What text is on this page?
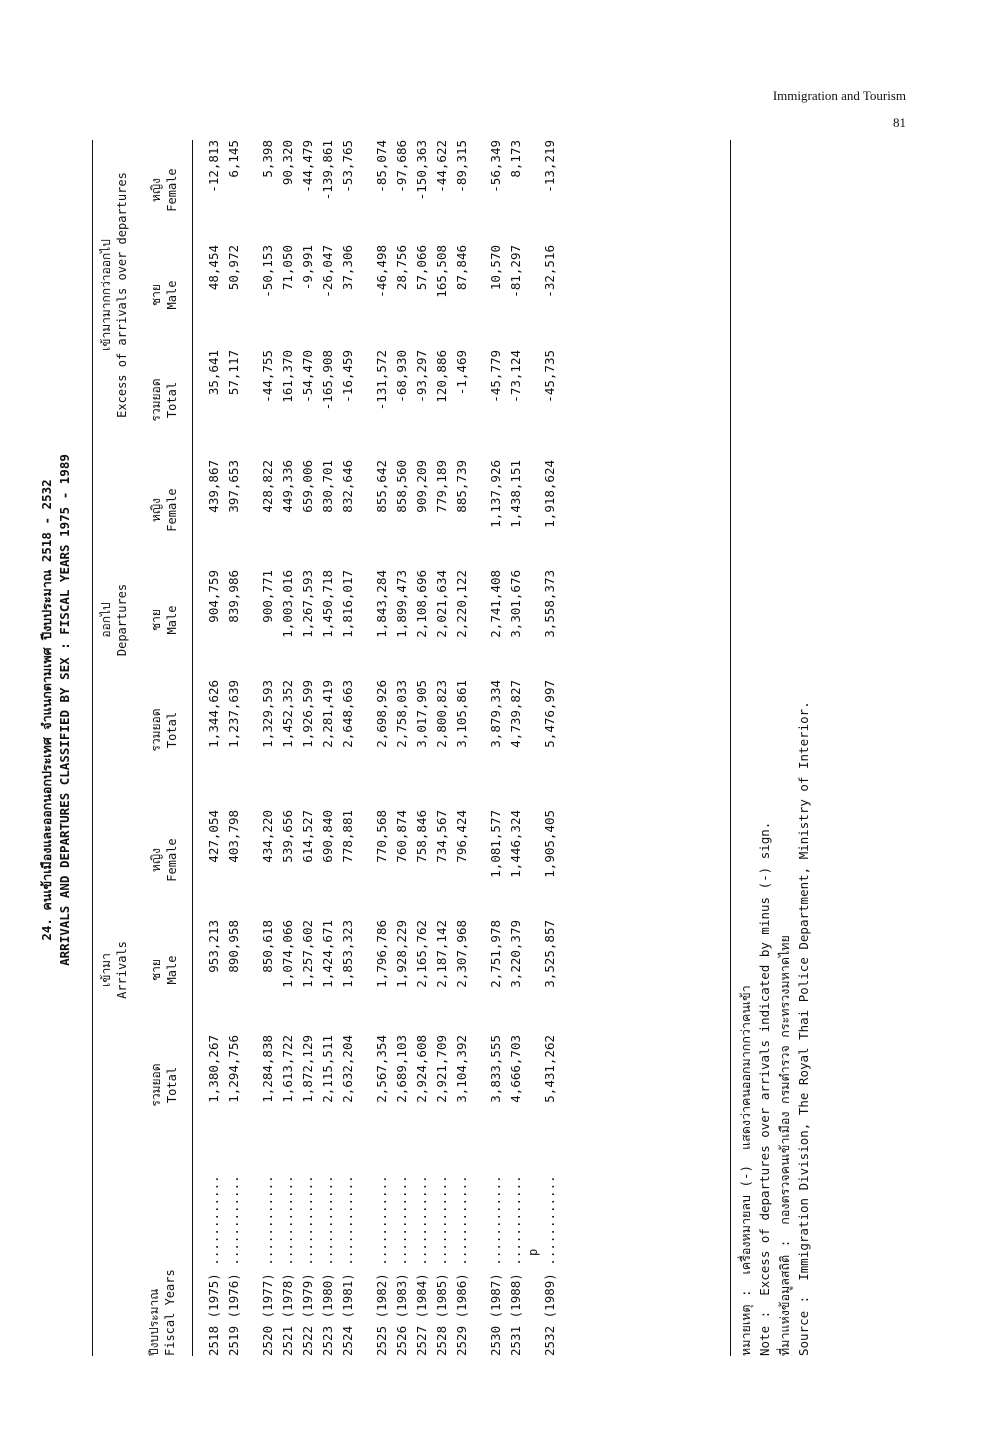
Immigration and Tourism
81
24. คนเข้าเมืองและออกนอกประเทศ จำแนกตามเพศ ปีงบประมาณ 2518 - 2532 ARRIVALS AND DEPARTURES CLASSIFIED BY SEX : FISCAL YEARS 1975 - 1989
ปีงบประมาณ Fiscal Years
เข้ามา Arrivals
ออกไป Departures
เข้ามามากกว่าออกไป Excess of arrivals over departures
รวมยอด Total
ชาย Male
หญิง Female
รวมยอด Total
ชาย Male
หญิง Female
รวมยอด Total
ชาย Male
หญิง Female
2518 (1975) ............
1,380,267
953,213
427,054
1,344,626
904,759
439,867
35,641
48,454
-12,813
2519 (1976) ............
1,294,756
890,958
403,798
1,237,639
839,986
397,653
57,117
50,972
6,145
2520 (1977) ............
1,284,838
850,618
434,220
1,329,593
900,771
428,822
-44,755
-50,153
5,398
2521 (1978) ............
1,613,722
1,074,066
539,656
1,452,352
1,003,016
449,336
161,370
71,050
90,320
2522 (1979) ............
1,872,129
1,257,602
614,527
1,926,599
1,267,593
659,006
-54,470
-9,991
-44,479
2523 (1980) ............
2,115,511
1,424,671
690,840
2,281,419
1,450,718
830,701
-165,908
-26,047
-139,861
2524 (1981) ............
2,632,204
1,853,323
778,881
2,648,663
1,816,017
832,646
-16,459
37,306
-53,765
2525 (1982) ............
2,567,354
1,796,786
770,568
2,698,926
1,843,284
855,642
-131,572
-46,498
-85,074
2526 (1983) ............
2,689,103
1,928,229
760,874
2,758,033
1,899,473
858,560
-68,930
28,756
-97,686
2527 (1984) ............
2,924,608
2,165,762
758,846
3,017,905
2,108,696
909,209
-93,297
57,066
-150,363
2528 (1985) ............
2,921,709
2,187,142
734,567
2,800,823
2,021,634
779,189
120,886
165,508
-44,622
2529 (1986) ............
3,104,392
2,307,968
796,424
3,105,861
2,220,122
885,739
-1,469
87,846
-89,315
2530 (1987) ............
3,833,555
2,751,978
1,081,577
3,879,334
2,741,408
1,137,926
-45,779
10,570
-56,349
2531 (1988) ............
4,666,703
3,220,379
1,446,324
4,739,827
3,301,676
1,438,151
-73,124
-81,297
8,173
2532 (1989) ............
p
5,431,262
3,525,857
1,905,405
5,476,997
3,558,373
1,918,624
-45,735
-32,516
-13,219
หมายเหตุ :  เครื่องหมายลบ (-)  แสดงว่าคนออกมากกว่าคนเข้า Note :  Excess of departures over arrivals indicated by minus (-) sign. ที่มาแห่งข้อมูลสถิติ :  กองตรวจคนเข้าเมือง กรมตำรวจ กระทรวงมหาดไทย Source :  Immigration Division, The Royal Thai Police Department, Ministry of Interior.
